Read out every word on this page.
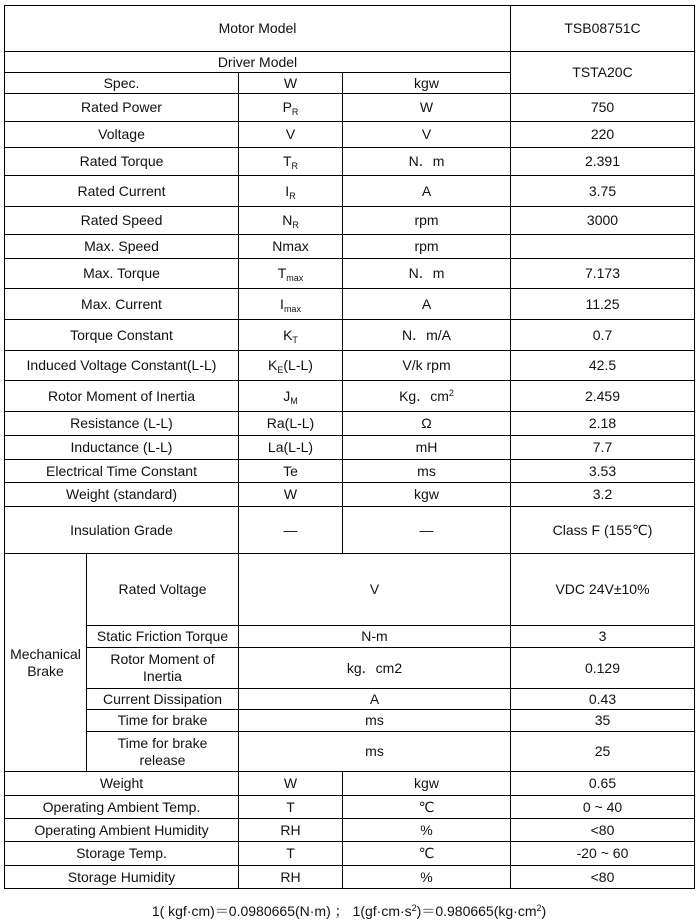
Motor Model				TSB08751C
Driver Model				TSTA20C
Spec.		W	kgw	
Rated Power		$P_R$	W	750
Voltage		V	V	220
Rated Torque		$T_R$	N．m	2.391
Rated Current		$I_R$	A	3.75
Rated Speed		$N_R$	rpm	3000
Max. Speed		Nmax	rpm	
Max. Torque		$T_{max}$	N．m	7.173
Max. Current		$I_{max}$	A	11.25
Torque Constant		$K_T$	N．m/A	0.7
Induced Voltage Constant(L-L)		$K_E(L-L)$	V/k rpm	42.5
Rotor Moment of Inertia		$J_M$	Kg．$cm^2$	2.459
Resistance (L-L)		Ra(L-L)	Ω	2.18
Inductance (L-L)		La(L-L)	mH	7.7
Electrical Time Constant		Te	ms	3.53
Weight (standard)		W	kgw	3.2
Insulation Grade		—	—	Class F (155℃)
Mechanical
Brake	Rated Voltage	V		VDC 24V±10%
	Static Friction Torque	N-m		3
	Rotor Moment of
Inertia	kg．cm2		0.129
	Current Dissipation	A		0.43
	Time for brake	ms		35
	Time for brake
release	ms		25
Weight		W	kgw	0.65
Operating Ambient Temp.		T	℃	0 ~ 40
Operating Ambient Humidity		RH	%	<80
Storage Temp.		T	℃	-20 ~ 60
Storage Humidity		RH	%	<80
1( kgf·cm)＝0.0980665(N·m) ； $1(gf\cdot cm\cdot s^2)=0.980665(kg\cdot cm^2)$
